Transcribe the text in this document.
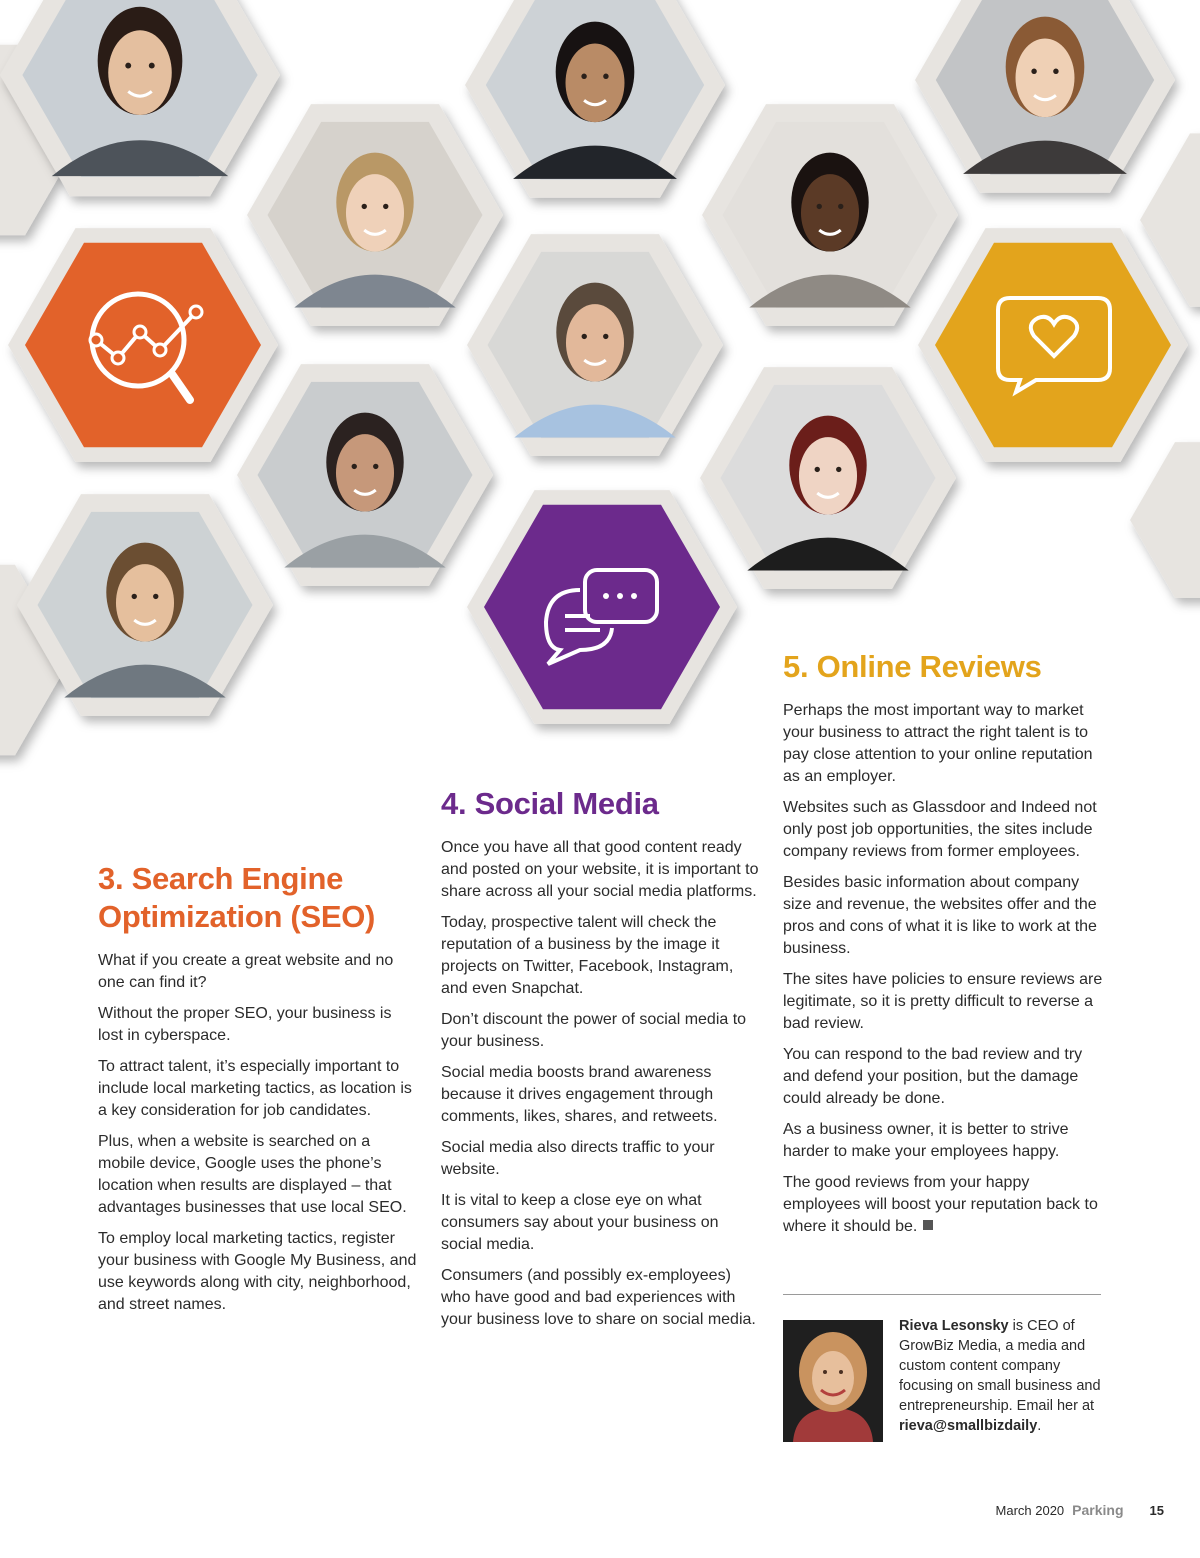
3. Search Engine Optimization (SEO)

What if you create a great website and no one can find it?

Without the proper SEO, your business is lost in cyberspace.

To attract talent, it’s especially important to include local marketing tactics, as location is a key consideration for job candidates.

Plus, when a website is searched on a mobile device, Google uses the phone’s location when results are displayed – that advantages businesses that use local SEO.

To employ local marketing tactics, register your business with Google My Business, and use keywords along with city, neighborhood, and street names.

4. Social Media

Once you have all that good content ready and posted on your website, it is important to share across all your social media platforms.

Today, prospective talent will check the reputation of a business by the image it projects on Twitter, Facebook, Instagram, and even Snapchat.

Don’t discount the power of social media to your business.

Social media boosts brand awareness because it drives engagement through comments, likes, shares, and retweets.

Social media also directs traffic to your website.

It is vital to keep a close eye on what consumers say about your business on social media.

Consumers (and possibly ex-employees) who have good and bad experiences with your business love to share on social media.

5. Online Reviews

Perhaps the most important way to market your business to attract the right talent is to pay close attention to your online reputation as an employer.

Websites such as Glassdoor and Indeed not only post job opportunities, the sites include company reviews from former employees.

Besides basic information about company size and revenue, the websites offer and the pros and cons of what it is like to work at the business.

The sites have policies to ensure reviews are legitimate, so it is pretty difficult to reverse a bad review.

You can respond to the bad review and try and defend your position, but the damage could already be done.

As a business owner, it is better to strive harder to make your employees happy.

The good reviews from your happy employees will boost your reputation back to where it should be.

Rieva Lesonsky is CEO of GrowBiz Media, a media and custom content company focusing on small business and entrepreneurship. Email her at rieva@smallbizdaily.
March 2020 Parking 15
